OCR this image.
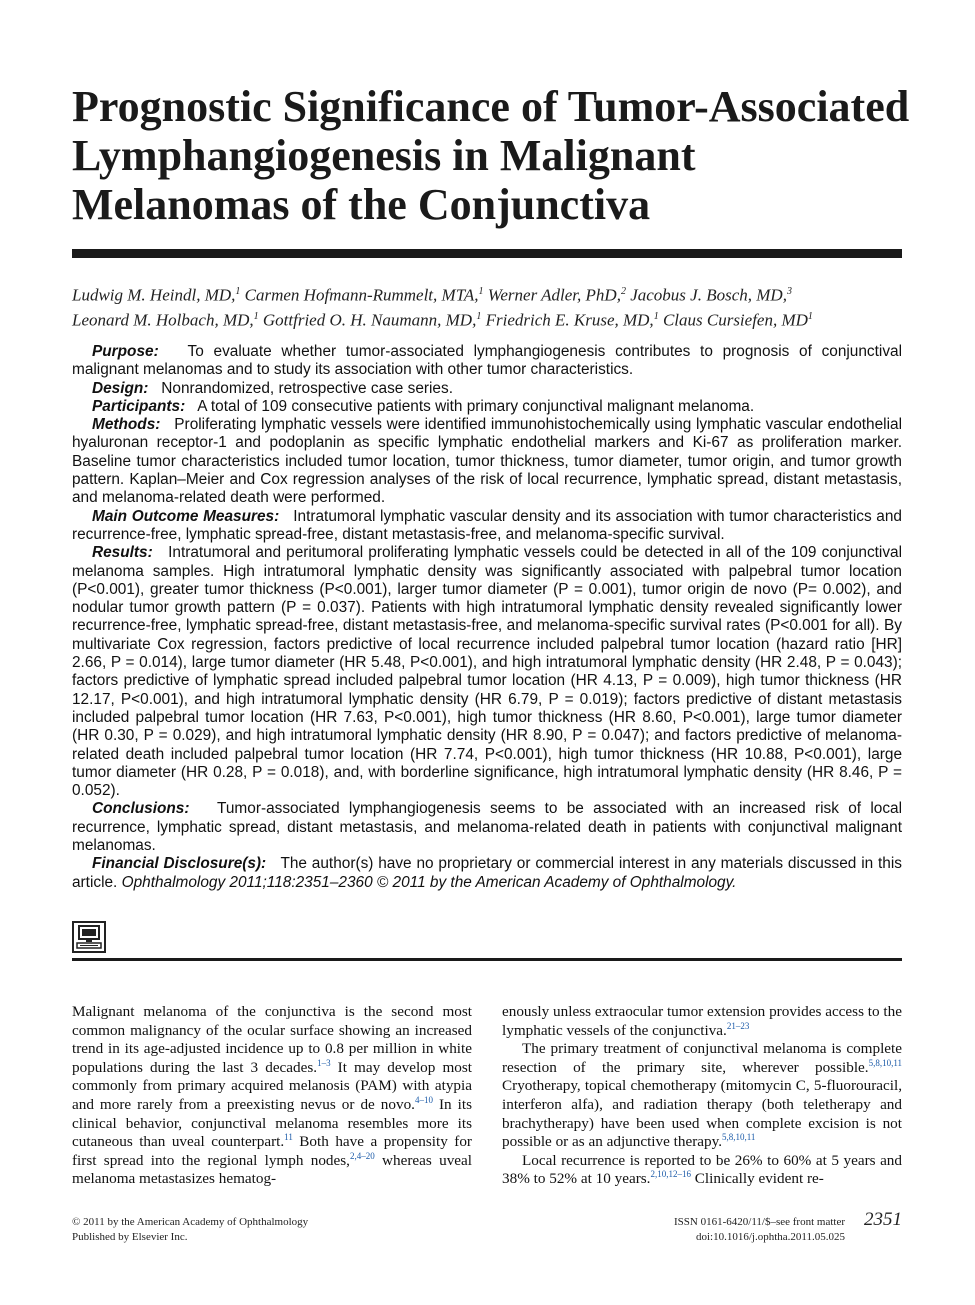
Prognostic Significance of Tumor-Associated Lymphangiogenesis in Malignant Melanomas of the Conjunctiva
Ludwig M. Heindl, MD,$^1$ Carmen Hofmann-Rummelt, MTA,$^1$ Werner Adler, PhD,$^2$ Jacobus J. Bosch, MD,$^3$
Leonard M. Holbach, MD,$^1$ Gottfried O. H. Naumann, MD,$^1$ Friedrich E. Kruse, MD,$^1$ Claus Cursiefen, $MD^1$

Purpose: To evaluate whether tumor-associated lymphangiogenesis contributes to prognosis of conjunctival malignant melanomas and to study its association with other tumor characteristics.

Design: Nonrandomized, retrospective case series.

Participants: A total of 109 consecutive patients with primary conjunctival malignant melanoma.

Methods: Proliferating lymphatic vessels were identified immunohistochemically using lymphatic vascular endothelial hyaluronan receptor-1 and podoplanin as specific lymphatic endothelial markers and Ki-67 as proliferation marker. Baseline tumor characteristics included tumor location, tumor thickness, tumor diameter, tumor origin, and tumor growth pattern. Kaplan–Meier and Cox regression analyses of the risk of local recurrence, lymphatic spread, distant metastasis, and melanoma-related death were performed.

Main Outcome Measures: Intratumoral lymphatic vascular density and its association with tumor characteristics and recurrence-free, lymphatic spread-free, distant metastasis-free, and melanoma-specific survival.

Results: Intratumoral and peritumoral proliferating lymphatic vessels could be detected in all of the 109 conjunctival melanoma samples. High intratumoral lymphatic density was significantly associated with palpebral tumor location (P<0.001), greater tumor thickness (P<0.001), larger tumor diameter (P = 0.001), tumor origin de novo (P= 0.002), and nodular tumor growth pattern (P = 0.037). Patients with high intratumoral lymphatic density revealed significantly lower recurrence-free, lymphatic spread-free, distant metastasis-free, and melanoma-specific survival rates (P<0.001 for all). By multivariate Cox regression, factors predictive of local recurrence included palpebral tumor location (hazard ratio [HR] 2.66, P = 0.014), large tumor diameter (HR 5.48, P<0.001), and high intratumoral lymphatic density (HR 2.48, P = 0.043); factors predictive of lymphatic spread included palpebral tumor location (HR 4.13, P = 0.009), high tumor thickness (HR 12.17, P<0.001), and high intratumoral lymphatic density (HR 6.79, P = 0.019); factors predictive of distant metastasis included palpebral tumor location (HR 7.63, P<0.001), high tumor thickness (HR 8.60, P<0.001), large tumor diameter (HR 0.30, P = 0.029), and high intratumoral lymphatic density (HR 8.90, P = 0.047); and factors predictive of melanoma-related death included palpebral tumor location (HR 7.74, P<0.001), high tumor thickness (HR 10.88, P<0.001), large tumor diameter (HR 0.28, P = 0.018), and, with borderline significance, high intratumoral lymphatic density (HR 8.46, P = 0.052).

Conclusions: Tumor-associated lymphangiogenesis seems to be associated with an increased risk of local recurrence, lymphatic spread, distant metastasis, and melanoma-related death in patients with conjunctival malignant melanomas.

Financial Disclosure(s): The author(s) have no proprietary or commercial interest in any materials discussed in this article. Ophthalmology 2011;118:2351–2360 © 2011 by the American Academy of Ophthalmology.

Malignant melanoma of the conjunctiva is the second most common malignancy of the ocular surface showing an increased trend in its age-adjusted incidence up to 0.8 per million in white populations during the last 3 decades.$^{1-3}$ It may develop most commonly from primary acquired melanosis (PAM) with atypia and more rarely from a preexisting nevus or de novo.$^{4-10}$ In its clinical behavior, conjunctival melanoma resembles more its cutaneous than uveal counterpart.$^{11}$ Both have a propensity for first spread into the regional lymph nodes,$^{2,4-20}$ whereas uveal melanoma metastasizes hematog-

enously unless extraocular tumor extension provides access to the lymphatic vessels of the conjunctiva.$^{21-23}$

The primary treatment of conjunctival melanoma is complete resection of the primary site, wherever possible.$^{5,8,10,11}$ Cryotherapy, topical chemotherapy (mitomycin C, 5-fluorouracil, interferon alfa), and radiation therapy (both teletherapy and brachytherapy) have been used when complete excision is not possible or as an adjunctive therapy.$^{5,8,10,11}$

Local recurrence is reported to be 26% to 60% at 5 years and 38% to 52% at 10 years.$^{2,10,12-16}$ Clinically evident re-

© 2011 by the American Academy of Ophthalmology
Published by Elsevier Inc.
ISSN 0161-6420/11/$–see front matter
doi:10.1016/j.ophtha.2011.05.025
2351
